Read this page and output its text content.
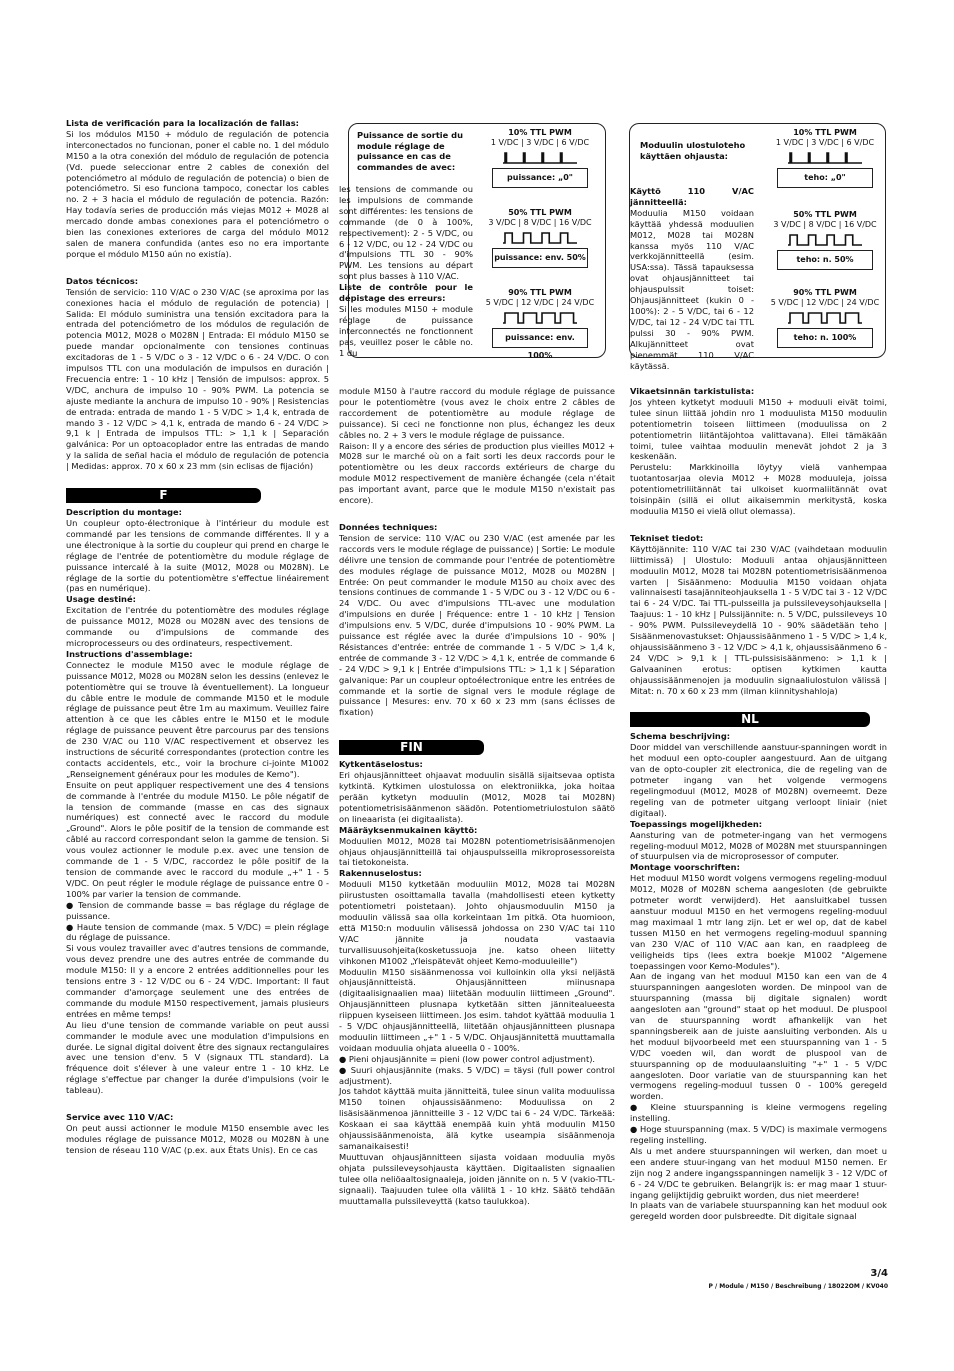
Lista de verificación para la localización de fallas:

Si los módulos M150 + módulo de regulación de potencia interconectados no funcionan, poner el cable no. 1 del módulo M150 a la otra conexión del módulo de regulación de potencia (Vd. puede seleccionar entre 2 cables de conexión del potenciómetro al módulo de regulación de potencia) o bien de potenciómetro. Si eso funciona tampoco, conectar los cables no. 2 + 3 hacia el módulo de regulación de potencia. Razón: Hay todavía series de producción más viejas M012 + M028 al mercado donde ambas conexiones para el potenciómetro o bien las conexiones exteriores de carga del módulo M012 salen de manera confundida (antes eso no era importante porque el módulo M150 aún no existía).

Datos técnicos:

Tensión de servicio: 110 V/AC o 230 V/AC (se aproxima por las conexiones hacia el módulo de regulación de potencia) | Salida: El módulo suministra una tensión excitadora para la entrada del potenciómetro de los módulos de regulación de potencia M012, M028 o M028N | Entrada: El módulo M150 se puede mandar opcionalmente con tensiones continuas excitadoras de 1 - 5 V/DC o 3 - 12 V/DC o 6 - 24 V/DC. O con impulsos TTL con una modulación de impulsos en duración | Frecuencia entre: 1 - 10 kHz | Tensión de impulsos: approx. 5 V/DC, anchura de impulso 10 - 90% PWM. La potencia se ajuste mediante la anchura de impulso 10 - 90% | Resistencias de entrada: entrada de mando 1 - 5 V/DC > 1,4 k, entrada de mando 3 - 12 V/DC > 4,1 k, entrada de mando 6 - 24 V/DC > 9,1 k | Entrada de impulsos TTL: > 1,1 k | Separación galvánica: Por un optoacoplador entre las entradas de mando y la salida de señal hacia el módulo de regulación de potencia | Medidas: approx. 70 x 60 x 23 mm (sin eclisas de fijación)

F
Description du montage:

Un coupleur opto-électronique à l'intérieur du module est commandé par les tensions de commande différentes. Il y a une électronique à la sortie du coupleur qui prend en charge le réglage de l'entrée de potentiomètre du module réglage de puissance intercalé à la suite (M012, M028 ou M028N). Le réglage de la sortie du potentiomètre s'effectue linéairement (pas en numérique).

Usage destiné:

Excitation de l'entrée du potentiomètre des modules réglage de puissance M012, M028 ou M028N avec des tensions de commande ou d'impulsions de commande des microprocesseurs ou des ordinateurs, respectivement.

Instructions d'assemblage:

Connectez le module M150 avec le module réglage de puissance M012, M028 ou M028N selon les dessins (enlevez le potentiomètre qui se trouve là éventuellement). La longueur du câble entre le module de commande M150 et le module réglage de puissance peut être 1m au maximum. Veuillez faire attention à ce que les câbles entre le M150 et le module réglage de puissance peuvent être parcourus par des tensions de 230 V/AC ou 110 V/AC respectivement et observez les instructions de sécurité correspondantes (protection contre les contacts accidentels, etc., voir la brochure ci-jointe M1002 „Renseignement généraux pour les modules de Kemo").

Ensuite on peut appliquer respectivement une des 4 tensions de commande à l'entrée du module M150. Le pôle négatif de la tension de commande (masse en cas des signaux numériques) est connecté avec le raccord du module „Ground". Alors le pôle positif de la tension de commande est câblé au raccord correspondant selon la gamme de tension. Si vous voulez actionner le module p.ex. avec une tension de commande de 1 - 5 V/DC, raccordez le pôle positif de la tension de commande avec le raccord du module „+" 1 - 5 V/DC. On peut régler le module réglage de puissance entre 0 - 100% par varier la tension de commande.

● Tension de commande basse = bas réglage du réglage de puissance.

● Haute tension de commande (max. 5 V/DC) = plein réglage du réglage de puissance.

Si vous voulez travailler avec d'autres tensions de commande, vous devez prendre une des autres entrée de commande du module M150: Il y a encore 2 entrées additionnelles pour les tensions entre 3 - 12 V/DC ou 6 - 24 V/DC. Important: Il faut commander d'amorçage seulement une des entrées de commande du module M150 respectivement, jamais plusieurs entrées en même temps!

Au lieu d'une tension de commande variable on peut aussi commander le module avec une modulation d'impulsions en durée. Le signal digital doivent être des signaux rectangulaires avec une tension d'env. 5 V (signaux TTL standard). La fréquence doit s'élever à une valeur entre 1 - 10 kHz. Le réglage s'effectue par changer la durée d'impulsions (voir le tableau).

Service avec 110 V/AC:

On peut aussi actionner le module M150 ensemble avec les modules réglage de puissance M012, M028 ou M028N à une tension de réseau 110 V/AC (p.ex. aux États Unis). En ce cas

Puissance de sortie du module réglage de puissance en cas de commandes de avec:
10% TTL PWM
1 V/DC | 3 V/DC | 6 V/DC
puissance: „0"
50% TTL PWM
3 V/DC | 8 V/DC | 16 V/DC
puissance: env. 50%
90% TTL PWM
5 V/DC | 12 V/DC | 24 V/DC
puissance: env. 100%

les tensions de commande ou les impulsions de commande sont différentes: les tensions de commande (de 0 à 100%, respectivement): 2 - 5 V/DC, ou 6 - 12 V/DC, ou 12 - 24 V/DC ou d'impulsions TTL 30 - 90% PWM. Les tensions au départ sont plus basses à 110 V/AC.

Liste de contrôle pour le dépistage des erreurs:

Si les modules M150 + module réglage de puissance interconnectés ne fonctionnent pas, veuillez poser le câble no. 1 du

module M150 à l'autre raccord du module réglage de puissance pour le potentiomètre (vous avez le choix entre 2 câbles de raccordement de potentiomètre au module réglage de puissance). Si ceci ne fonctionne non plus, échangez les deux câbles no. 2 + 3 vers le module réglage de puissance.

Raison: Il y a encore des séries de production plus vieilles M012 + M028 sur le marché où on a fait sorti les deux raccords pour le potentiomètre ou les deux raccords extérieurs de charge du module M012 respectivement de manière échangée (cela n'était pas important avant, parce que le module M150 n'existait pas encore).

Données techniques:

Tension de service: 110 V/AC ou 230 V/AC (est amenée par les raccords vers le module réglage de puissance) | Sortie: Le module délivre une tension de commande pour l'entrée de potentiomètre des modules réglage de puissance M012, M028 ou M028N | Entrée: On peut commander le module M150 au choix avec des tensions continues de commande 1 - 5 V/DC ou 3 - 12 V/DC ou 6 - 24 V/DC. Ou avec d'impulsions TTL-avec une modulation d'impulsions en durée | Fréquence: entre 1 - 10 kHz | Tension d'impulsions env. 5 V/DC, durée d'impulsions 10 - 90% PWM. La puissance est réglée avec la durée d'impulsions 10 - 90% | Résistances d'entrée: entrée de commande 1 - 5 V/DC > 1,4 k, entrée de commande 3 - 12 V/DC > 4,1 k, entrée de commande 6 - 24 V/DC > 9,1 k | Entrée d'impulsions TTL: > 1,1 k | Séparation galvanique: Par un coupleur optoélectronique entre les entrées de commande et la sortie de signal vers le module réglage de puissance | Mesures: env. 70 x 60 x 23 mm (sans éclisses de fixation)

FIN
Kytkentäselostus:

Eri ohjausjännitteet ohjaavat moduulin sisällä sijaitsevaa optista kytkintä. Kytkimen ulostulossa on elektroniikka, joka hoitaa perään kytketyn moduulin (M012, M028 tai M028N) potentiometrisisäänmenon säädön. Potentiometriulostulon säätö on lineaarista (ei digitaalista).

Määräyksenmukainen käyttö:

Moduulien M012, M028 tai M028N potentiometrisisäänmenojen ohjaus ohjausjännitteillä tai ohjauspulsseilla mikroprosessoreista tai tietokoneista.

Rakennuselostus:

Moduuli M150 kytketään moduuliin M012, M028 tai M028N piirustusten osoittamalla tavalla (mahdollisesti eteen kytketty potentiometri poistetaan). Johto ohjausmoduulin M150 ja moduulin välissä saa olla korkeintaan 1m pitkä. Ota huomioon, että M150:n moduulin välisessä johdossa on 230 V/AC tai 110 V/AC jännite ja noudata vastaavia turvallisuusohjeita(kosketussuoja jne. katso oheen liitetty vihkonen M1002 „Yleispätevät ohjeet Kemo-moduuleille")

Moduulin M150 sisäänmenossa voi kulloinkin olla yksi neljästä ohjausjännitteistä. Ohjausjännitteen miinusnapa (digitaalisignaalien maa) liitetään moduulin liittimeen „Ground". Ohjausjännitteen plusnapa kytketään sitten jännitealueesta riippuen kyseiseen liittimeen. Jos esim. tahdot kyättää moduulia 1 - 5 V/DC ohjausjännitteellä, liitetään ohjausjännitteen plusnapa moduulin liittimeen „+" 1 - 5 V/DC. Ohjausjännitettä muuttamalla voidaan moduulia ohjata alueella 0 - 100%.

● Pieni ohjausjännite = pieni (low power control adjustment).

● Suuri ohjausjännite (maks. 5 V/DC) = täysi (full power control adjustment).

Jos tahdot käyttää muita jännitteitä, tulee sinun valita moduulissa M150 toinen ohjaussisäänmeno: Moduulissa on 2 lisäsisäänmenoa jännitteille 3 - 12 V/DC tai 6 - 24 V/DC. Tärkeää: Koskaan ei saa käyttää enempää kuin yhtä moduulin M150 ohjaussisäänmenoista, älä kytke useampia sisäänmenoja samanaikaisesti!

Muuttuvan ohjausjännitteen sijasta voidaan moduulia myös ohjata pulssileveysohjausta käyttäen. Digitaalisten signaalien tulee olla neliöaaltosignaaleja, joiden jännite on n. 5 V (vakio-TTL-signaali). Taajuuden tulee olla väliltä 1 - 10 kHz. Säätö tehdään muuttamalla pulssileveyttä (katso taulukkoa).

Moduulin ulostuloteho käyttäen ohjausta:
10% TTL PWM
1 V/DC | 3 V/DC | 6 V/DC
teho: „0"
50% TTL PWM
3 V/DC | 8 V/DC | 16 V/DC
teho: n. 50%
90% TTL PWM
5 V/DC | 12 V/DC | 24 V/DC
teho: n. 100%

Käyttö 110 V/AC jännitteellä:

Moduulia M150 voidaan käyttää yhdessä moduulien M012, M028 tai M028N kanssa myös 110 V/AC verkkojännitteellä (esim. USA:ssa). Tässä tapauksessa ovat ohjausjännitteet tai ohjauspulssit toiset: Ohjausjännitteet (kukin 0 - 100%): 2 - 5 V/DC, tai 6 - 12 V/DC, tai 12 - 24 V/DC tai TTL pulssi 30 - 90% PWM. Alkujännitteet ovat pienemmät 110 V/AC käytässä.

Vikaetsinnän tarkistulista:

Jos yhteen kytketyt moduuli M150 + moduuli eivät toimi, tulee sinun liittää johdin nro 1 moduulista M150 moduulin potentiometrin toiseen liittimeen (moduulissa on 2 potentiometrin liitäntäjohtoa valittavana). Ellei tämäkään toimi, tulee vaihtaa moduulin menevät johdot 2 ja 3 keskenään.

Perustelu: Markkinoilla löytyy vielä vanhempaa tuotantosarjaa olevia M012 + M028 moduuleja, joissa potentiometriliitännät tai ulkoiset kuormaliitännät ovat toisinpäin (sillä ei ollut aikaisemmin merkitystä, koska moduulia M150 ei vielä ollut olemassa).

Tekniset tiedot:

Käyttöjännite: 110 V/AC tai 230 V/AC (vaihdetaan moduulin liittimissä) | Ulostulo: Moduuli antaa ohjausjännitteen moduulin M012, M028 tai M028N potentiometrisisäänmenoa varten | Sisäänmeno: Moduulia M150 voidaan ohjata valinnaisesti tasajänniteohjauksella 1 - 5 V/DC tai 3 - 12 V/DC tai 6 - 24 V/DC. Tai TTL-pulsseilla ja pulssileveysohjauksella | Taajuus: 1 - 10 kHz | Pulssijännite: n. 5 V/DC, pulssileveys 10 - 90% PWM. Pulssileveydellä 10 - 90% säädetään teho | Sisäänmenovastukset: Ohjaussisäänmeno 1 - 5 V/DC > 1,4 k, ohjaussisäänmeno 3 - 12 V/DC > 4,1 k, ohjaussisäänmeno 6 - 24 V/DC > 9,1 k | TTL-pulssisisäänmeno: > 1,1 k | Galvaaninen erotus: optisen kytkimen kautta ohjaussisäänmenojen ja moduulin signaaliulostulon välissä | Mitat: n. 70 x 60 x 23 mm (ilman kiinnityshahloja)

NL
Schema beschrijving:

Door middel van verschillende aanstuur-spanningen wordt in het moduul een opto-coupler aangestuurd. Aan de uitgang van de opto-coupler zit electronica, die de regeling van de potmeter ingang van het volgende vermogens regelingmoduul (M012, M028 of M028N) overneemt. Deze regeling van de potmeter uitgang verloopt liniair (niet digitaal).

Toepassings mogelijkheden:

Aansturing van de potmeter-ingang van het vermogens regeling-moduul M012, M028 of M028N met stuurspanningen of stuurpulsen via de microprosessor of computer.

Montage voorschriften:

Het moduul M150 wordt volgens vermogens regeling-moduul M012, M028 of M028N schema aangesloten (de gebruikte potmeter wordt verwijderd). Het aansluitkabel tussen aanstuur moduul M150 en het vermogens regeling-moduul mag maximaal 1 mtr lang zijn. Let er wel op, dat de kabel tussen M150 en het vermogens regeling-moduul spanning van 230 V/AC of 110 V/AC aan kan, en raadpleeg de veiligheids tips (lees extra boekje M1002 "Algemene toepassingen voor Kemo-Modules").

Aan de ingang van het moduul M150 kan een van de 4 stuurspanningen aangesloten worden. De minpool van de stuurspanning (massa bij digitale signalen) wordt aangesloten aan "ground" staat op het moduul. De pluspool van de stuurspanning wordt afhankelijk van het spanningsbereik aan de juiste aansluiting verbonden. Als u het moduul bijvoorbeeld met een stuurspanning van 1 - 5 V/DC voeden wil, dan wordt de pluspool van de stuurspanning op de moduulaansluiting "+" 1 - 5 V/DC aangesloten. Door variatie van de stuurspanning kan het vermogens regeling-moduul tussen 0 - 100% geregeld worden.

● Kleine stuurspanning is kleine vermogens regeling instelling.

● Hoge stuurspanning (max. 5 V/DC) is maximale vermogens regeling instelling.

Als u met andere stuurspanningen wil werken, dan moet u een andere stuur-ingang van het moduul M150 nemen. Er zijn nog 2 andere ingangsspanningen namelijk 3 - 12 V/DC of 6 - 24 V/DC te gebruiken. Belangrijk is: er mag maar 1 stuur-ingang gelijktijdig gebruikt worden, dus niet meerdere!

In plaats van de variabele stuurspanning kan het moduul ook geregeld worden door pulsbreedte. Dit digitale signaal

3/4
P / Module / M150 / Beschreibung / 18022OM / KV040
